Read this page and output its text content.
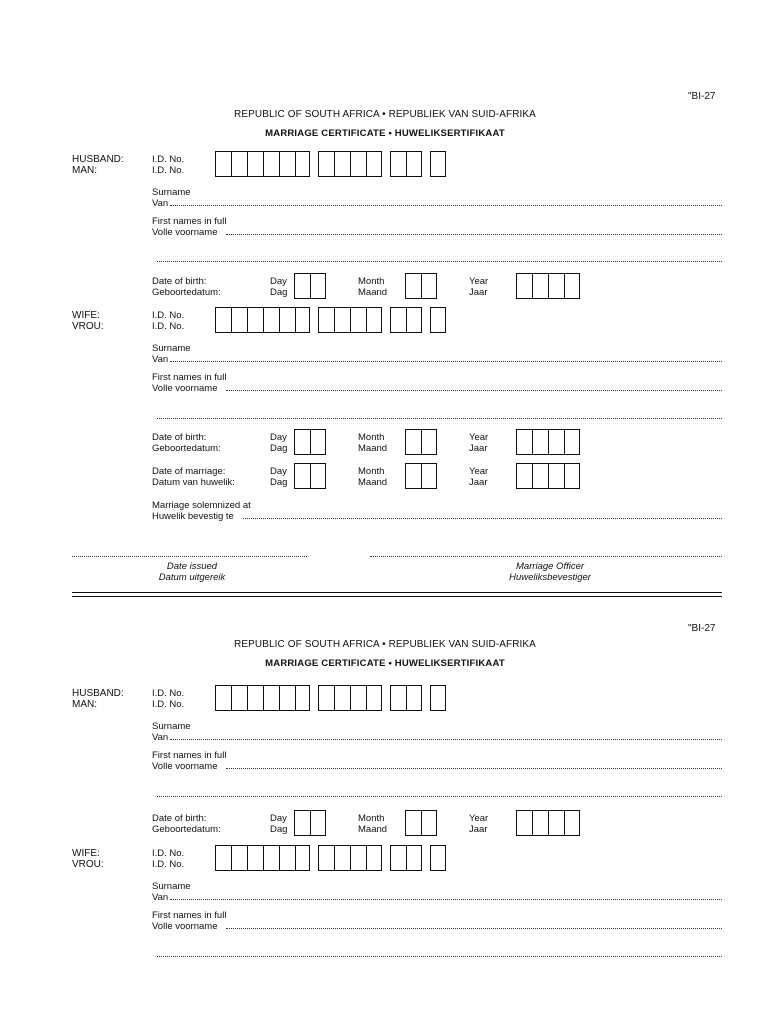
"BI-27
REPUBLIC OF SOUTH AFRICA • REPUBLIEK VAN SUID-AFRIKA
MARRIAGE CERTIFICATE • HUWELIKSERTIFIKAAT
HUSBAND:
MAN:
I.D. No.
I.D. No.
Surname
Van
First names in full
Volle voorname
Date of birth:
Geboortedatum:
Day
Dag
Month
Maand
Year
Jaar
WIFE:
VROU:
I.D. No.
I.D. No.
Surname
Van
First names in full
Volle voorname
Date of birth:
Geboortedatum:
Day
Dag
Month
Maand
Year
Jaar
Date of marriage:
Datum van huwelik:
Day
Dag
Month
Maand
Year
Jaar
Marriage solemnized at
Huwelik bevestig te
Date issued
Datum uitgereik
Marriage Officer
Huweliksbevestiger
"BI-27
REPUBLIC OF SOUTH AFRICA • REPUBLIEK VAN SUID-AFRIKA
MARRIAGE CERTIFICATE • HUWELIKSERTIFIKAAT
HUSBAND:
MAN:
I.D. No.
I.D. No.
Surname
Van
First names in full
Volle voorname
Date of birth:
Geboortedatum:
Day
Dag
Month
Maand
Year
Jaar
WIFE:
VROU:
I.D. No.
I.D. No.
Surname
Van
First names in full
Volle voorname
